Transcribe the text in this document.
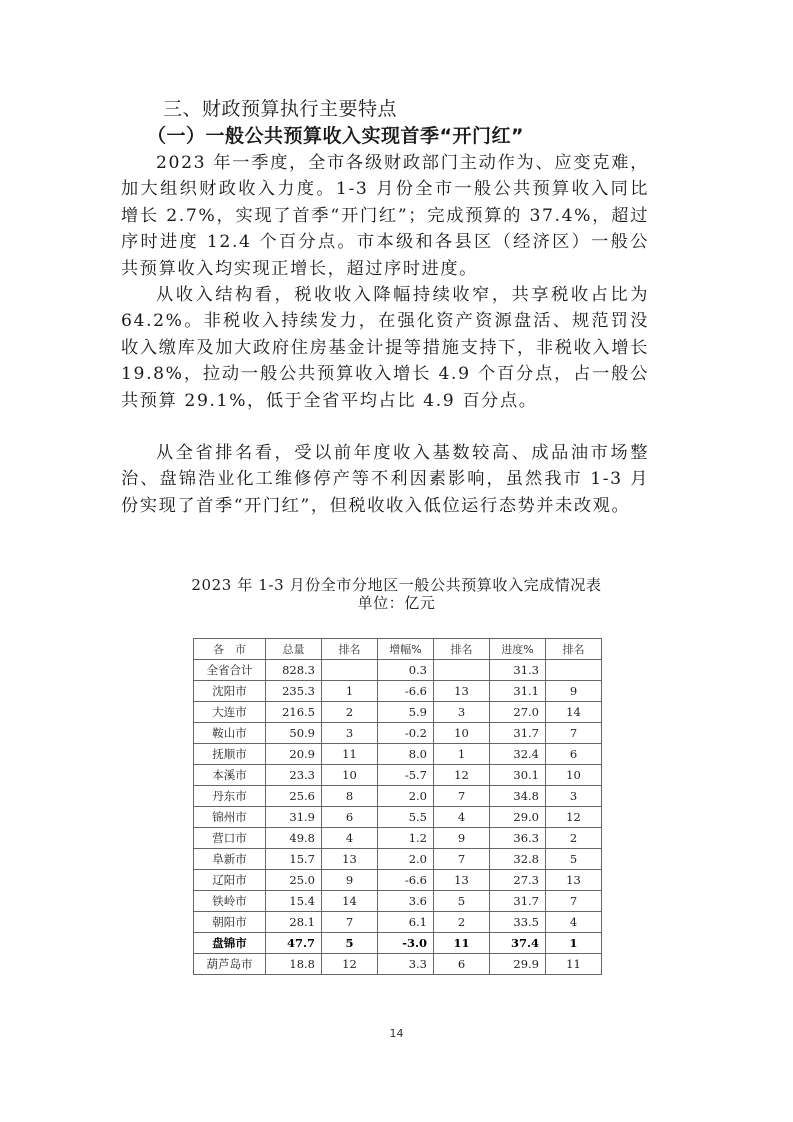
三、财政预算执行主要特点
（一）一般公共预算收入实现首季“开门红”

2023 年一季度，全市各级财政部门主动作为、应变克难，加大组织财政收入力度。1-3 月份全市一般公共预算收入同比增长 2.7%，实现了首季“开门红”；完成预算的 37.4%，超过序时进度 12.4 个百分点。市本级和各县区（经济区）一般公共预算收入均实现正增长，超过序时进度。

从收入结构看，税收收入降幅持续收窄，共享税收占比为 64.2%。非税收入持续发力，在强化资产资源盘活、规范罚没收入缴库及加大政府住房基金计提等措施支持下，非税收入增长 19.8%，拉动一般公共预算收入增长 4.9 个百分点，占一般公共预算 29.1%，低于全省平均占比 4.9 百分点。

从全省排名看，受以前年度收入基数较高、成品油市场整治、盘锦浩业化工维修停产等不利因素影响，虽然我市 1-3 月份实现了首季“开门红”，但税收收入低位运行态势并未改观。

2023 年 1-3 月份全市分地区一般公共预算收入完成情况表
单位：亿元
各　市	总量	排名	增幅%	排名	进度%	排名
全省合计	828.3		0.3		31.3	
沈阳市	235.3	1	-6.6	13	31.1	9
大连市	216.5	2	5.9	3	27.0	14
鞍山市	50.9	3	-0.2	10	31.7	7
抚顺市	20.9	11	8.0	1	32.4	6
本溪市	23.3	10	-5.7	12	30.1	10
丹东市	25.6	8	2.0	7	34.8	3
锦州市	31.9	6	5.5	4	29.0	12
营口市	49.8	4	1.2	9	36.3	2
阜新市	15.7	13	2.0	7	32.8	5
辽阳市	25.0	9	-6.6	13	27.3	13
铁岭市	15.4	14	3.6	5	31.7	7
朝阳市	28.1	7	6.1	2	33.5	4
盘锦市	47.7	5	-3.0	11	37.4	1
葫芦岛市	18.8	12	3.3	6	29.9	11
14
